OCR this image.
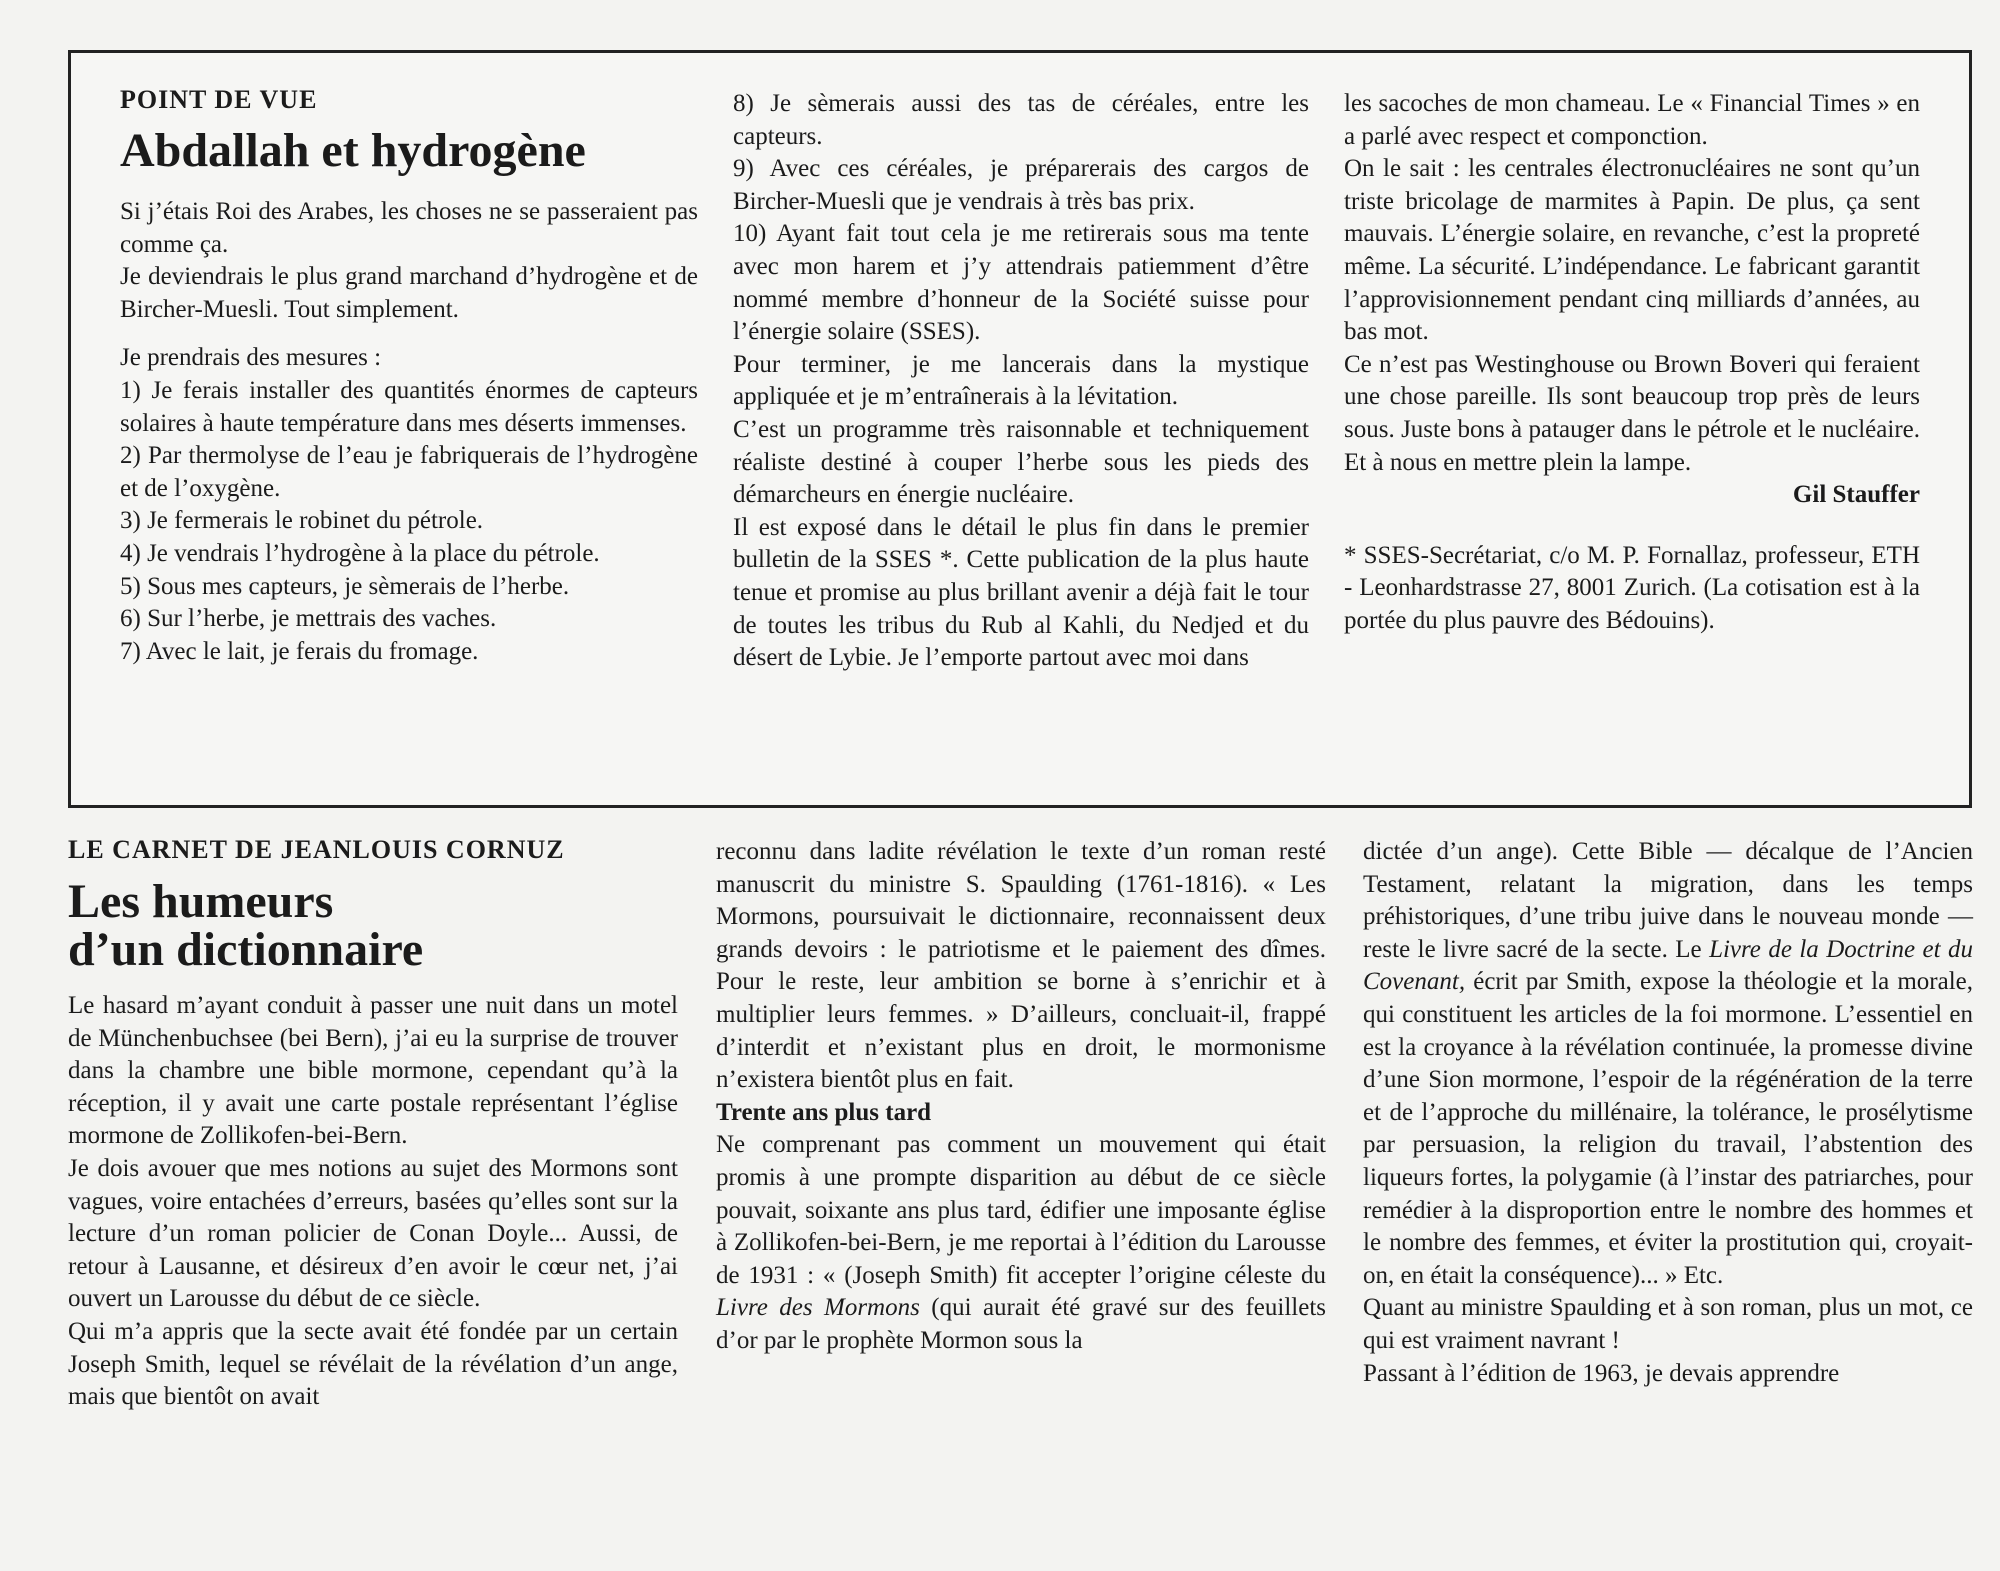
POINT DE VUE
Abdallah et hydrogène

Si j’étais Roi des Arabes, les choses ne se passeraient pas comme ça.

Je deviendrais le plus grand marchand d’hydrogène et de Bircher-Muesli. Tout simplement.

Je prendrais des mesures :

1) Je ferais installer des quantités énormes de capteurs solaires à haute température dans mes déserts immenses.

2) Par thermolyse de l’eau je fabriquerais de l’hydrogène et de l’oxygène.

3) Je fermerais le robinet du pétrole.

4) Je vendrais l’hydrogène à la place du pétrole.

5) Sous mes capteurs, je sèmerais de l’herbe.

6) Sur l’herbe, je mettrais des vaches.

7) Avec le lait, je ferais du fromage.

8) Je sèmerais aussi des tas de céréales, entre les capteurs.

9) Avec ces céréales, je préparerais des cargos de Bircher-Muesli que je vendrais à très bas prix.

10) Ayant fait tout cela je me retirerais sous ma tente avec mon harem et j’y attendrais patiemment d’être nommé membre d’honneur de la Société suisse pour l’énergie solaire (SSES).

Pour terminer, je me lancerais dans la mystique appliquée et je m’entraînerais à la lévitation.

C’est un programme très raisonnable et techniquement réaliste destiné à couper l’herbe sous les pieds des démarcheurs en énergie nucléaire.

Il est exposé dans le détail le plus fin dans le premier bulletin de la SSES *. Cette publication de la plus haute tenue et promise au plus brillant avenir a déjà fait le tour de toutes les tribus du Rub al Kahli, du Nedjed et du désert de Lybie. Je l’emporte partout avec moi dans

les sacoches de mon chameau. Le « Financial Times » en a parlé avec respect et componction.

On le sait : les centrales électronucléaires ne sont qu’un triste bricolage de marmites à Papin. De plus, ça sent mauvais. L’énergie solaire, en revanche, c’est la propreté même. La sécurité. L’indépendance. Le fabricant garantit l’approvisionnement pendant cinq milliards d’années, au bas mot.

Ce n’est pas Westinghouse ou Brown Boveri qui feraient une chose pareille. Ils sont beaucoup trop près de leurs sous. Juste bons à patauger dans le pétrole et le nucléaire. Et à nous en mettre plein la lampe.

Gil Stauffer

* SSES-Secrétariat, c/o M. P. Fornallaz, professeur, ETH - Leonhardstrasse 27, 8001 Zurich. (La cotisation est à la portée du plus pauvre des Bédouins).

LE CARNET DE JEANLOUIS CORNUZ
Les humeurs
d’un dictionnaire

Le hasard m’ayant conduit à passer une nuit dans un motel de Münchenbuchsee (bei Bern), j’ai eu la surprise de trouver dans la chambre une bible mormone, cependant qu’à la réception, il y avait une carte postale représentant l’église mormone de Zollikofen-bei-Bern.

Je dois avouer que mes notions au sujet des Mormons sont vagues, voire entachées d’erreurs, basées qu’elles sont sur la lecture d’un roman policier de Conan Doyle... Aussi, de retour à Lausanne, et désireux d’en avoir le cœur net, j’ai ouvert un Larousse du début de ce siècle.

Qui m’a appris que la secte avait été fondée par un certain Joseph Smith, lequel se révélait de la révélation d’un ange, mais que bientôt on avait

reconnu dans ladite révélation le texte d’un roman resté manuscrit du ministre S. Spaulding (1761-1816). « Les Mormons, poursuivait le dictionnaire, reconnaissent deux grands devoirs : le patriotisme et le paiement des dîmes. Pour le reste, leur ambition se borne à s’enrichir et à multiplier leurs femmes. » D’ailleurs, concluait-il, frappé d’interdit et n’existant plus en droit, le mormonisme n’existera bientôt plus en fait.

Trente ans plus tard

Ne comprenant pas comment un mouvement qui était promis à une prompte disparition au début de ce siècle pouvait, soixante ans plus tard, édifier une imposante église à Zollikofen-bei-Bern, je me reportai à l’édition du Larousse de 1931 : « (Joseph Smith) fit accepter l’origine céleste du Livre des Mormons (qui aurait été gravé sur des feuillets d’or par le prophète Mormon sous la

dictée d’un ange). Cette Bible — décalque de l’Ancien Testament, relatant la migration, dans les temps préhistoriques, d’une tribu juive dans le nouveau monde — reste le livre sacré de la secte. Le Livre de la Doctrine et du Covenant, écrit par Smith, expose la théologie et la morale, qui constituent les articles de la foi mormone. L’essentiel en est la croyance à la révélation continuée, la promesse divine d’une Sion mormone, l’espoir de la régénération de la terre et de l’approche du millénaire, la tolérance, le prosélytisme par persuasion, la religion du travail, l’abstention des liqueurs fortes, la polygamie (à l’instar des patriarches, pour remédier à la disproportion entre le nombre des hommes et le nombre des femmes, et éviter la prostitution qui, croyait-on, en était la conséquence)... » Etc.

Quant au ministre Spaulding et à son roman, plus un mot, ce qui est vraiment navrant !

Passant à l’édition de 1963, je devais apprendre
